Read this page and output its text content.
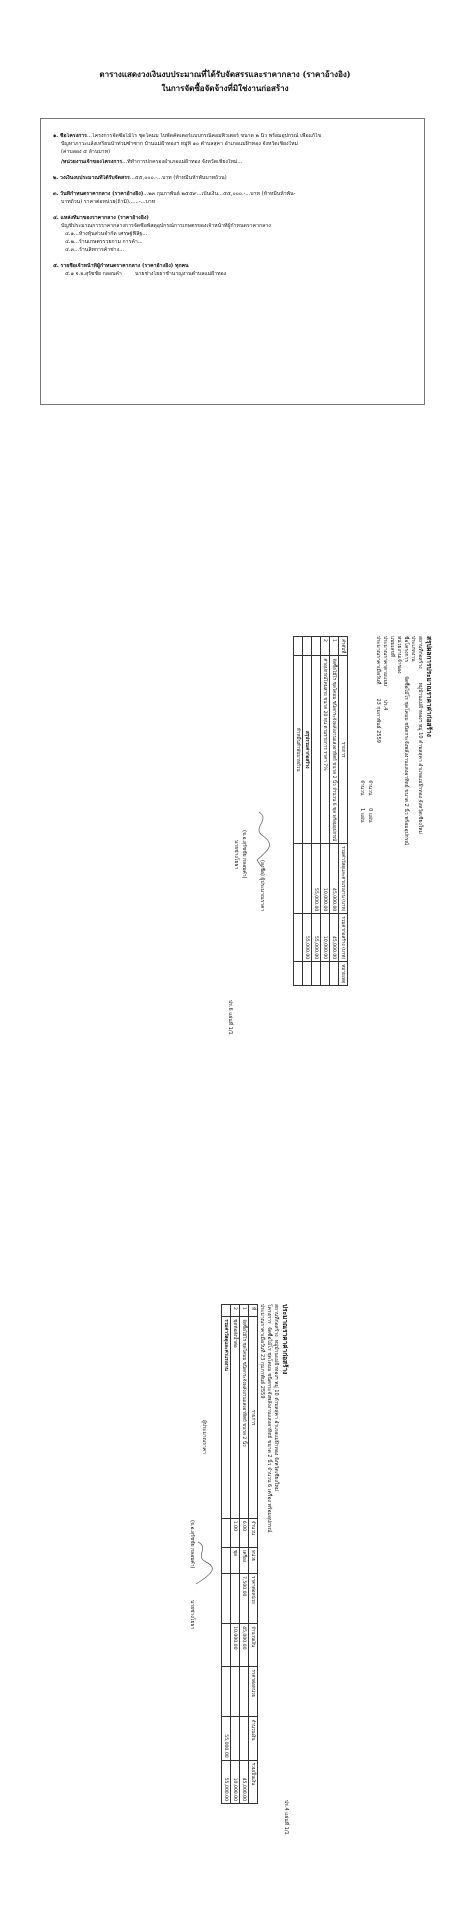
ตารางแสดงวงเงินงบประมาณที่ได้รับจัดสรรและราคากลาง (ราคาอ้างอิง)
ในการจัดซื้อจัดจ้างที่มิใช่งานก่อสร้าง
๑. ชื่อโครงการ...โครงการจัดซื้อไม้โร ชุดโคมม ไบพัดคัตเตอร์แบบกรณีคอมพิวเตอร์ ขนาด ๒ นิ้ว พร้อมอุปกรณ์ เพื่อแก้ไข
ปัญหาภาวะแล้งเหรียนน้ำท่วมซ้ำซาก บ้านแม่ฝ้าทองฯ หมู่ที่ ๑๐ ตำบลสุคา อำเภอแม่ฝ้าทอง จังหวัดเชียงใหม่
(ค่าบลอง ๕ ล้านบาท)
/หน่วยงานเจ้าของโครงการ...ที่ทำการปกครองอำเภอแม่ฝ้าทอง จังหวัดเชียงใหม่...
๒. วงเงินงบประมาณที่ได้รับจัดสรร...๕๕,๐๐๐.-...บาท (ห้าหมื่นห้าพันบาทถ้วน)
๓. วันที่กำหนดราคากลาง (ราคาอ้างอิง)...๒๓ กุมภาพันธ์ ๒๕๕๙...เป็นเงิน...๕๕,๐๐๐.-...บาท (ห้าหมื่นห้าพัน-
บาทถ้วน) ราคาต่อหน่วย(ถ้ามี)......-...บาท
๔. แหล่งที่มาของราคากลาง (ราคาอ้างอิง)
บัญชีประมาณการราคากลางการจัดซื้อพัสดุอุปกรณ์การเกษตรของเจ้าหน้าที่ผู้กำหนดราคากลาง
๔.๑...ห้างหุ้นส่วนจำกัด เศรษฐ์ฟิลิฐ...
๔.๒...ร้านเกษตรรวยกาม การค้า...
๔.๓...ร้านลิทการค้าช่าง...
๕. รายชื่อเจ้าหน้าที่ผู้กำหนดราคากลาง (ราคาอ้างอิง) ทุกคน
๕.๑ จ.อ.สุรัชชัย กลอบคำ	นายช่างโยธาชำนาญงานตำบลแม่ฝ้าทอง
สรุปผลการประมาณราคาค่าก่อสร้าง
สถานที่ก่อสร้างหมู่บ้านแม่ฝ้าทองฯ หมู่ 10 ตำบลสุคา อำเภอแม่ฝ้าทอง จังหวัดเชียงใหม่
ประเภทงาน
ชื่อโครงการจัดซื้อไม้โร ชุดโคมม ชนิดกระจังพลังงานแสงอาทิตย์ ขนาด 2 นิ้ว พร้อมอุปกรณ์
หน่วยงานเจ้าของ
แบบเลขที่
ประมาณราคาตามแบบปร.4
ประมาณราคาเมื่อวันที่23 กุมภาพันธ์ 2559
จำนวน        0 แผ่น
จำนวน        1 แผ่น
ลำดับที่	รายการ	รวมค่าวัสดุและค่าแรงงาน (บาท)	รวมค่าก่อสร้าง (บาท)	หมายเหตุ
1	จัดซื้อไม้โร ชุดโคมม ชนิดกระจังพลังงานแสงอาทิตย์ ขนาด 2 นิ้ว จำนวน 6 ชุด พร้อมอุปกรณ์	45,000.00	45,000.00	
2	ค่าอุปกรณ์โคมสาย ขนาด 20 หุน ตามรายการ ราคา 7%	10,000.00	10,000.00	
		55,000.00	55,000.00	
	สรุปรวมค่าก่อสร้าง		55,000.00	
	ห้าหมื่นห้าพันบาทถ้วน			
(ลงชื่อ) ผู้ประมาณราคา
(จ.อ.สุรัชชัย กลอบคำ)
นายช่างโยธา
ปร.6 แผ่นที่ 1/1
ประมาณราคาค่าก่อสร้าง
สถานที่ก่อสร้าง  หมู่บ้านแม่ฝ้าทองฯ หมู่ 10 ตำบลสุคา อำเภอแม่ฝ้าทอง จังหวัดเชียงใหม่
โครงการ  จัดซื้อไม้โร ชุดโคมม ชนิดกระจังพลังงานแสงอาทิตย์ ขนาด 2 นิ้ว จำนวน 6 เครื่อง พร้อมอุปกรณ์
ประมาณราคาเมื่อวันที่ 23 กุมภาพันธ์ 2559
ที่	รายการ	จำนวน	หน่วย	ราคาต่อหน่วย	จำนวนเงิน	ราคาต่อหน่วย	จำนวนเงิน	รวมเป็นเงิน
1	จัดซื้อไม้โร ชุดโคมม ชนิดกระจังพลังงานแสงอาทิตย์ ขนาด 2 นิ้ว	6.00	เครื่อง	7,500.00	45,000.00			45,000.00
2	ชุดท่อส่งน้ำต่อ	1.00	ชุด		10,000.00			10,000.00
	รวมค่าวัสดุและค่าแรงงาน						55,000.00	55,000.00
ผู้ประมาณราคา
(จ.อ.สุรัชชัย กลอบคำ)
นายช่างโยธา
ปร.4 แผ่นที่ 1/1
